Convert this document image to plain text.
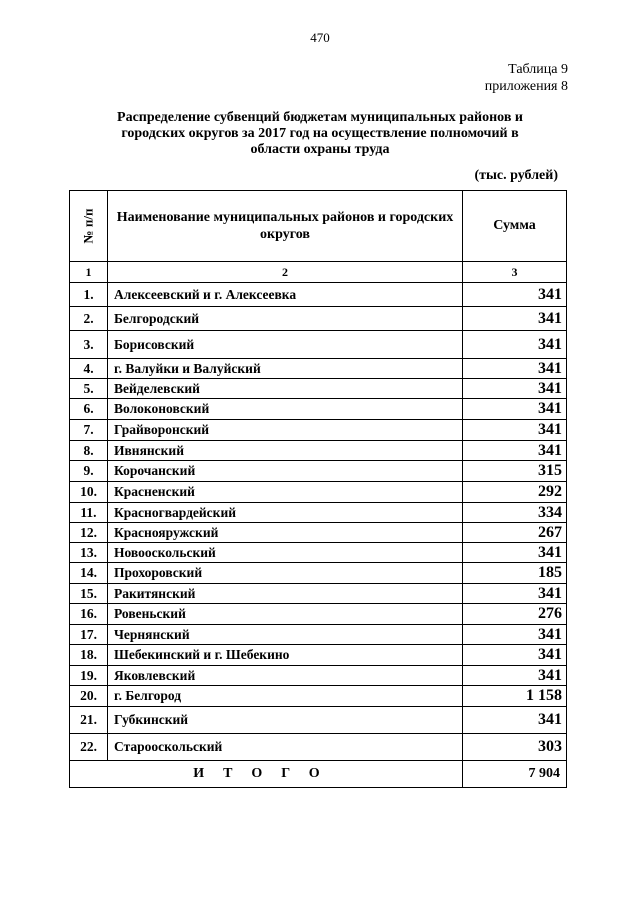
470
Таблица 9
приложения 8
Распределение субвенций бюджетам муниципальных районов и городских округов за 2017 год на осуществление полномочий в области охраны труда
(тыс. рублей)
№ п/п	Наименование муниципальных районов и городских округов	Сумма
1	2	3
1.	Алексеевский и г. Алексеевка	341
2.	Белгородский	341
3.	Борисовский	341
4.	г. Валуйки и Валуйский	341
5.	Вейделевский	341
6.	Волоконовский	341
7.	Грайворонский	341
8.	Ивнянский	341
9.	Корочанский	315
10.	Красненский	292
11.	Красногвардейский	334
12.	Краснояружский	267
13.	Новооскольский	341
14.	Прохоровский	185
15.	Ракитянский	341
16.	Ровеньский	276
17.	Чернянский	341
18.	Шебекинский и г. Шебекино	341
19.	Яковлевский	341
20.	г. Белгород	1 158
21.	Губкинский	341
22.	Старооскольский	303
ИТОГО		7 904
